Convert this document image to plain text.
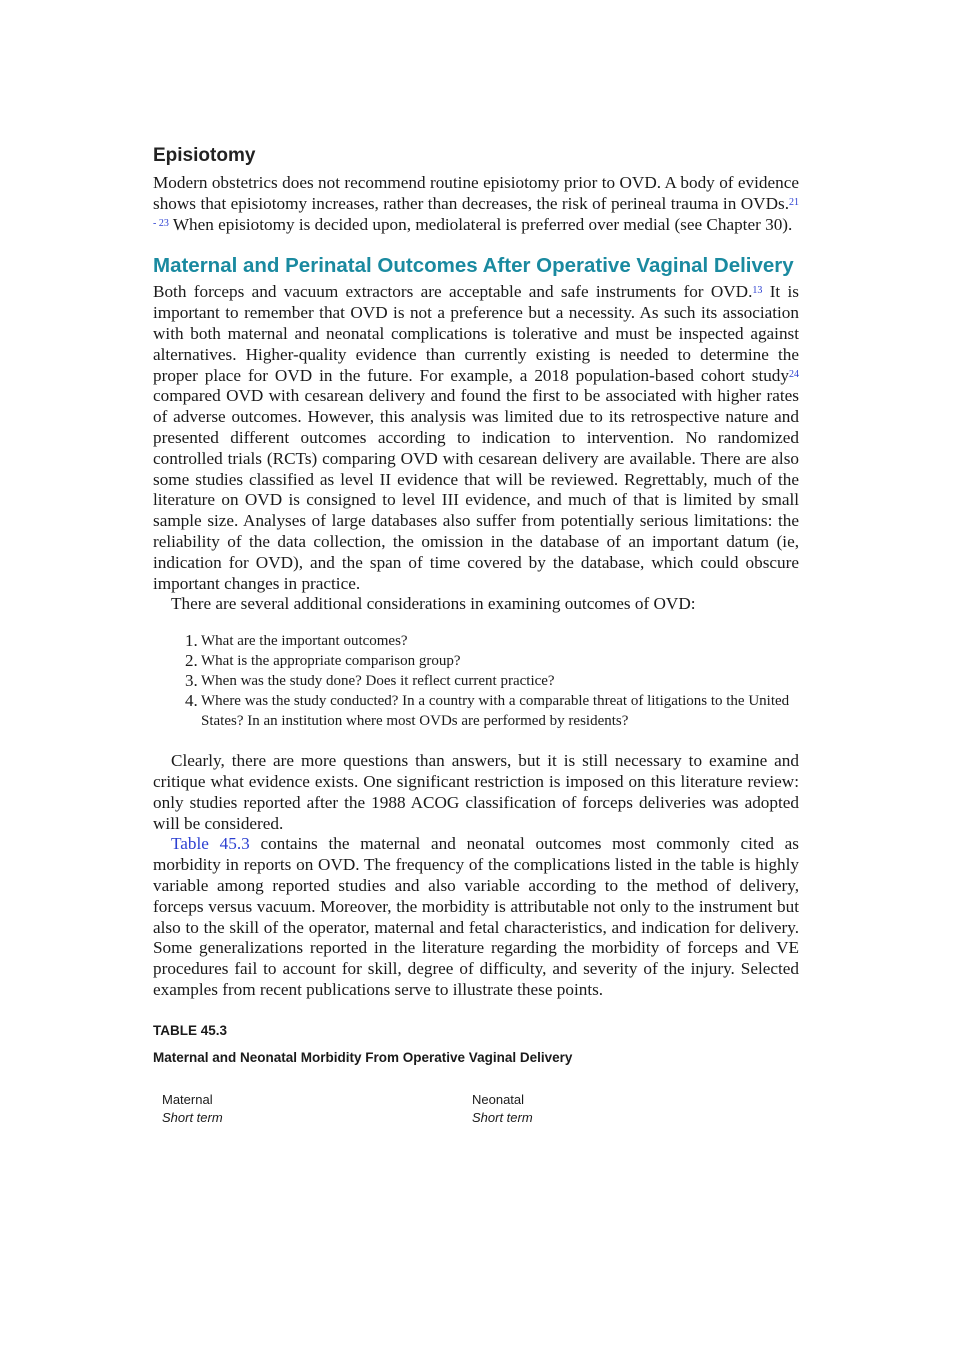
Episiotomy

Modern obstetrics does not recommend routine episiotomy prior to OVD. A body of evidence shows that episiotomy increases, rather than decreases, the risk of perineal trauma in OVDs.$^{21 - 23}$ When episiotomy is decided upon, mediolateral is preferred over medial (see Chapter 30).

Maternal and Perinatal Outcomes After Operative Vaginal Delivery

Both forceps and vacuum extractors are acceptable and safe instruments for OVD.$^{13}$ It is important to remember that OVD is not a preference but a necessity. As such its association with both maternal and neonatal complications is tolerative and must be inspected against alternatives. Higher-quality evidence than currently existing is needed to determine the proper place for OVD in the future. For example, a 2018 population-based cohort study$^{24}$ compared OVD with cesarean delivery and found the first to be associated with higher rates of adverse outcomes. However, this analysis was limited due to its retrospective nature and presented different outcomes according to indication to intervention. No randomized controlled trials (RCTs) comparing OVD with cesarean delivery are available. There are also some studies classified as level II evidence that will be reviewed. Regrettably, much of the literature on OVD is consigned to level III evidence, and much of that is limited by small sample size. Analyses of large databases also suffer from potentially serious limitations: the reliability of the data collection, the omission in the database of an important datum (ie, indication for OVD), and the span of time covered by the database, which could obscure important changes in practice.

There are several additional considerations in examining outcomes of OVD:

1. What are the important outcomes?
2. What is the appropriate comparison group?
3. When was the study done? Does it reflect current practice?
4. Where was the study conducted? In a country with a comparable threat of litigations to the United States? In an institution where most OVDs are performed by residents?

Clearly, there are more questions than answers, but it is still necessary to examine and critique what evidence exists. One significant restriction is imposed on this literature review: only studies reported after the 1988 ACOG classification of forceps deliveries was adopted will be considered.

Table 45.3 contains the maternal and neonatal outcomes most commonly cited as morbidity in reports on OVD. The frequency of the complications listed in the table is highly variable among reported studies and also variable according to the method of delivery, forceps versus vacuum. Moreover, the morbidity is attributable not only to the instrument but also to the skill of the operator, maternal and fetal characteristics, and indication for delivery. Some generalizations reported in the literature regarding the morbidity of forceps and VE procedures fail to account for skill, degree of difficulty, and severity of the injury. Selected examples from recent publications serve to illustrate these points.

TABLE 45.3
Maternal and Neonatal Morbidity From Operative Vaginal Delivery
Maternal
Short term
Neonatal
Short term
